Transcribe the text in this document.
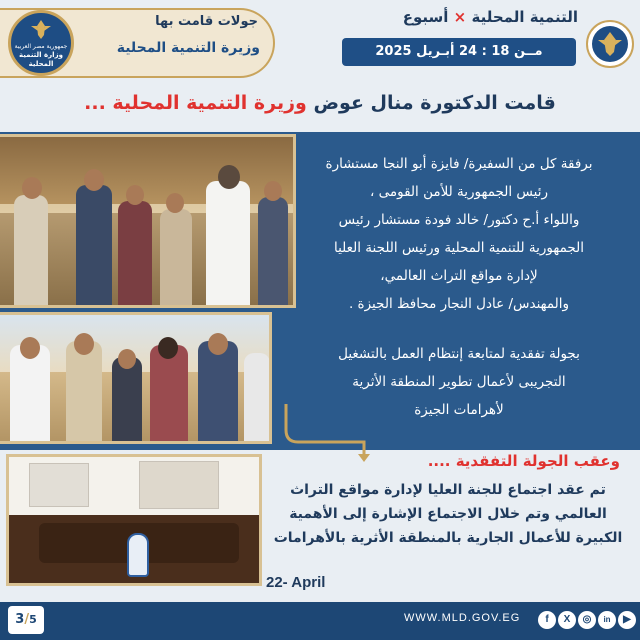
التنمية المحلية × أسبوع
مــن 18 : 24 أبـريل 2025
جمهورية مصر العربية
وزارة التنمية المحلية
جولات قامت بها
وزيرة التنمية المحلية
قامت الدكتورة منال عوض وزيرة التنمية المحلية ...
برفقة كل من السفيرة/ فايزة أبو النجا مستشارة
رئيس الجمهورية للأمن القومى ،
واللواء أ.ح دكتور/ خالد فودة مستشار رئيس
الجمهورية للتنمية المحلية ورئيس اللجنة العليا
لإدارة مواقع التراث العالمي،
والمهندس/ عادل النجار محافظ الجيزة .
بجولة تفقدية لمتابعة إنتظام العمل بالتشغيل
التجريبى لأعمال تطوير المنطقة الأثرية
لأهرامات الجيزة
وعقب الجولة التفقدية ....
تم عقد اجتماع للجنة العليا لإدارة مواقع التراث
العالمي وتم خلال الاجتماع الإشارة إلى الأهمية
الكبيرة للأعمال الجارية بالمنطقة الأثرية بالأهرامات
22- April
3/5	WWW.MLD.GOV.EG	f	X	◎	in	▶
